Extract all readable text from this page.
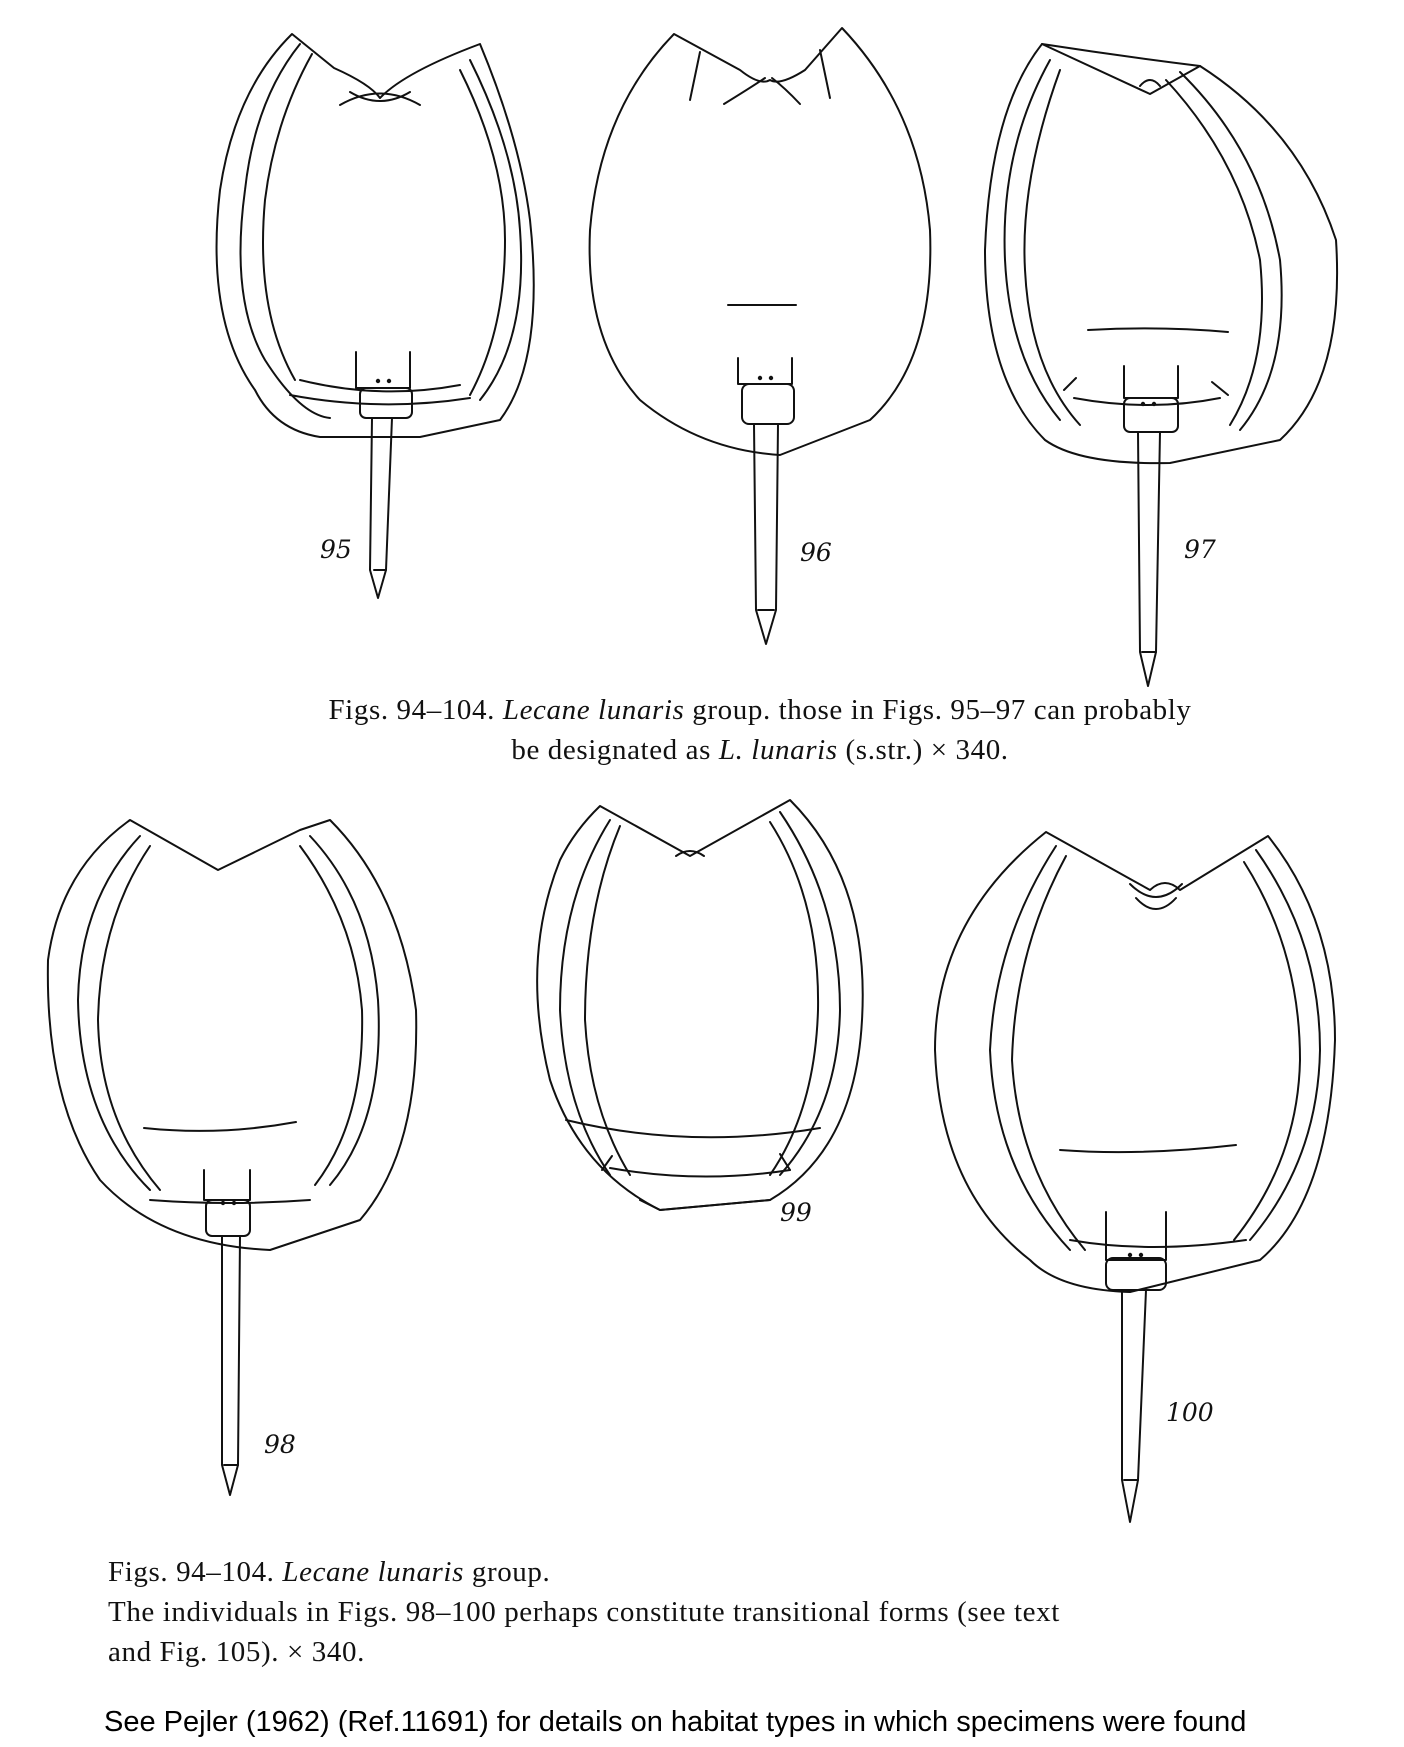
95	96	97
98
99
100
Figs. 94–104. Lecane lunaris group. those in Figs. 95–97 can probably
be designated as L. lunaris (s.str.) × 340.
Figs. 94–104. Lecane lunaris group.
The individuals in Figs. 98–100 perhaps constitute transitional forms (see text
and Fig. 105). × 340.
See Pejler (1962) (Ref.11691) for details on habitat types in which specimens were found
